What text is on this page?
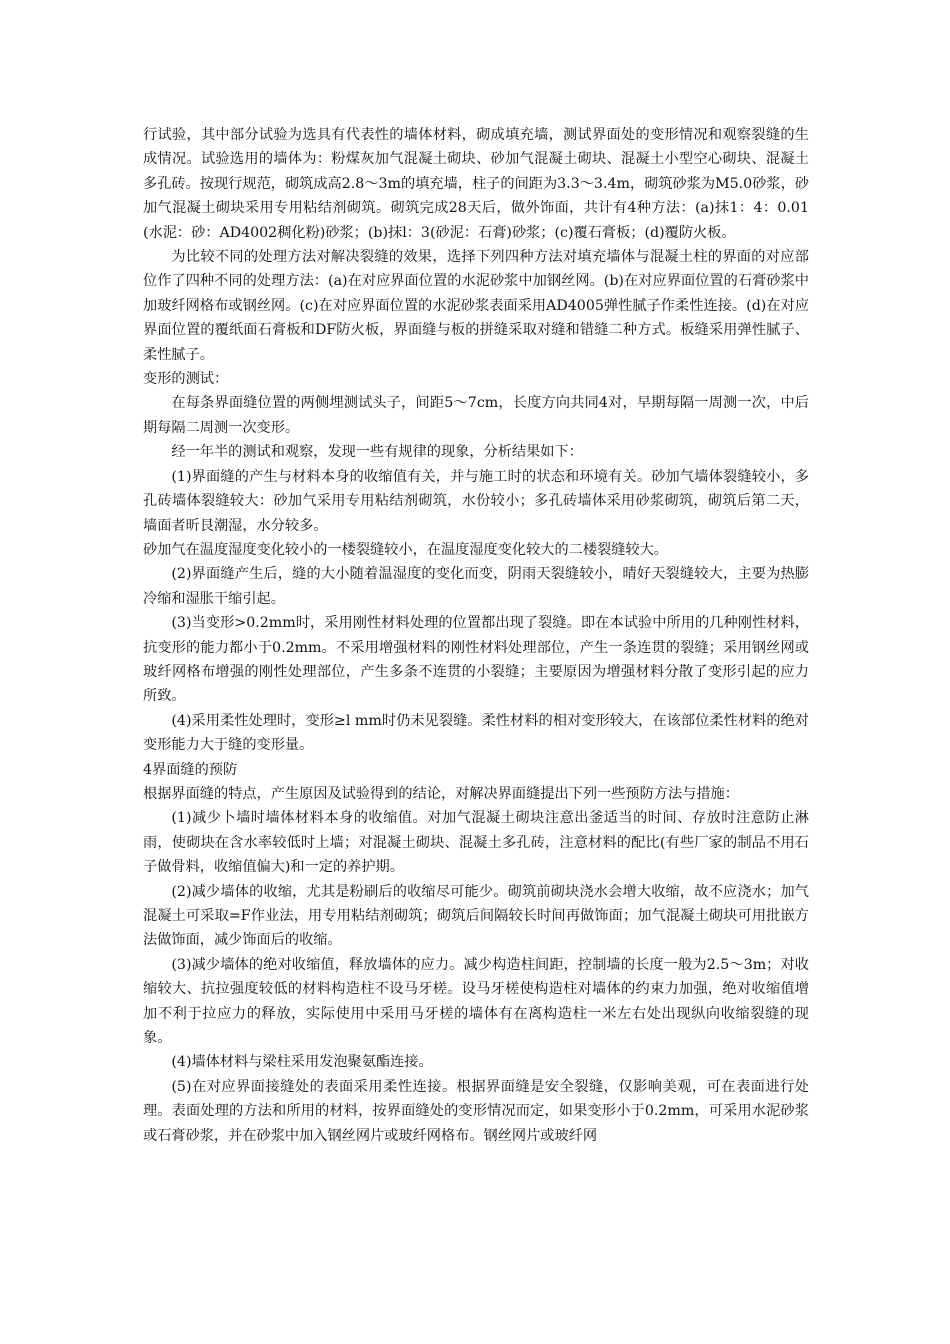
行试验，其中部分试验为选具有代表性的墙体材料，砌成填充墙，测试界面处的变形情况和观察裂缝的生成情况。试验选用的墙体为：粉煤灰加气混凝土砌块、砂加气混凝土砌块、混凝土小型空心砌块、混凝土多孔砖。按现行规范，砌筑成高2.8～3m的填充墙，柱子的间距为3.3～3.4m，砌筑砂浆为M5.0砂浆，砂加气混凝土砌块采用专用粘结剂砌筑。砌筑完成28天后，做外饰面，共计有4种方法：(a)抹1：4：0.01(水泥：砂：AD4002稠化粉)砂浆；(b)抹l：3(砂泥：石膏)砂浆；(c)覆石膏板；(d)覆防火板。

为比较不同的处理方法对解决裂缝的效果，选择下列四种方法对填充墙体与混凝土柱的界面的对应部位作了四种不同的处理方法：(a)在对应界面位置的水泥砂浆中加钢丝网。(b)在对应界面位置的石膏砂浆中加玻纤网格布或钢丝网。(c)在对应界面位置的水泥砂浆表面采用AD4005弹性腻子作柔性连接。(d)在对应界面位置的覆纸面石膏板和DF防火板，界面缝与板的拼缝采取对缝和错缝二种方式。板缝采用弹性腻子、柔性腻子。

变形的测试：

在每条界面缝位置的两侧埋测试头子，间距5～7cm，长度方向共同4对，早期每隔一周测一次，中后期每隔二周测一次变形。

经一年半的测试和观察，发现一些有规律的现象，分析结果如下：

(1)界面缝的产生与材料本身的收缩值有关，并与施工时的状态和环境有关。砂加气墙体裂缝较小，多孔砖墙体裂缝较大：砂加气采用专用粘结剂砌筑，水份较小；多孔砖墙体采用砂浆砌筑，砌筑后第二天，墙面者昕艮潮湿，水分较多。

砂加气在温度湿度变化较小的一楼裂缝较小，在温度湿度变化较大的二楼裂缝较大。

(2)界面缝产生后，缝的大小随着温湿度的变化而变，阴雨天裂缝较小，晴好天裂缝较大，主要为热膨冷缩和湿胀干缩引起。

(3)当变形>0.2mm时，采用刚性材料处理的位置都出现了裂缝。即在本试验中所用的几种刚性材料，抗变形的能力都小于0.2mm。不采用增强材料的刚性材料处理部位，产生一条连贯的裂缝；采用钢丝网或玻纤网格布增强的刚性处理部位，产生多条不连贯的小裂缝；主要原因为增强材料分散了变形引起的应力所致。

(4)采用柔性处理时，变形≥l mm时仍未见裂缝。柔性材料的相对变形较大，在该部位柔性材料的绝对变形能力大于缝的变形量。

4界面缝的预防

根据界面缝的特点，产生原因及试验得到的结论，对解决界面缝提出下列一些预防方法与措施：

(1)减少卜墙时墙体材料本身的收缩值。对加气混凝土砌块注意出釜适当的时间、存放时注意防止淋雨，使砌块在含水率较低时上墙；对混凝土砌块、混凝土多孔砖，注意材料的配比(有些厂家的制品不用石子做骨料，收缩值偏大)和一定的养护期。

(2)减少墙体的收缩，尤其是粉刷后的收缩尽可能少。砌筑前砌块浇水会增大收缩，故不应浇水；加气混凝土可采取=F作业法，用专用粘结剂砌筑；砌筑后间隔较长时间再做饰面；加气混凝土砌块可用批嵌方法做饰面，减少饰面后的收缩。

(3)减少墙体的绝对收缩值，释放墙体的应力。减少构造柱间距，控制墙的长度一般为2.5～3m；对收缩较大、抗拉强度较低的材料构造柱不设马牙槎。设马牙槎使构造柱对墙体的约束力加强，绝对收缩值增加不利于拉应力的释放，实际使用中采用马牙槎的墙体有在离构造柱一米左右处出现纵向收缩裂缝的现象。

(4)墙体材料与梁柱采用发泡聚氨酯连接。

(5)在对应界面接缝处的表面采用柔性连接。根据界面缝是安全裂缝，仅影响美观，可在表面进行处理。表面处理的方法和所用的材料，按界面缝处的变形情况而定，如果变形小于0.2mm，可采用水泥砂浆或石膏砂浆，并在砂浆中加入钢丝网片或玻纤网格布。钢丝网片或玻纤网
